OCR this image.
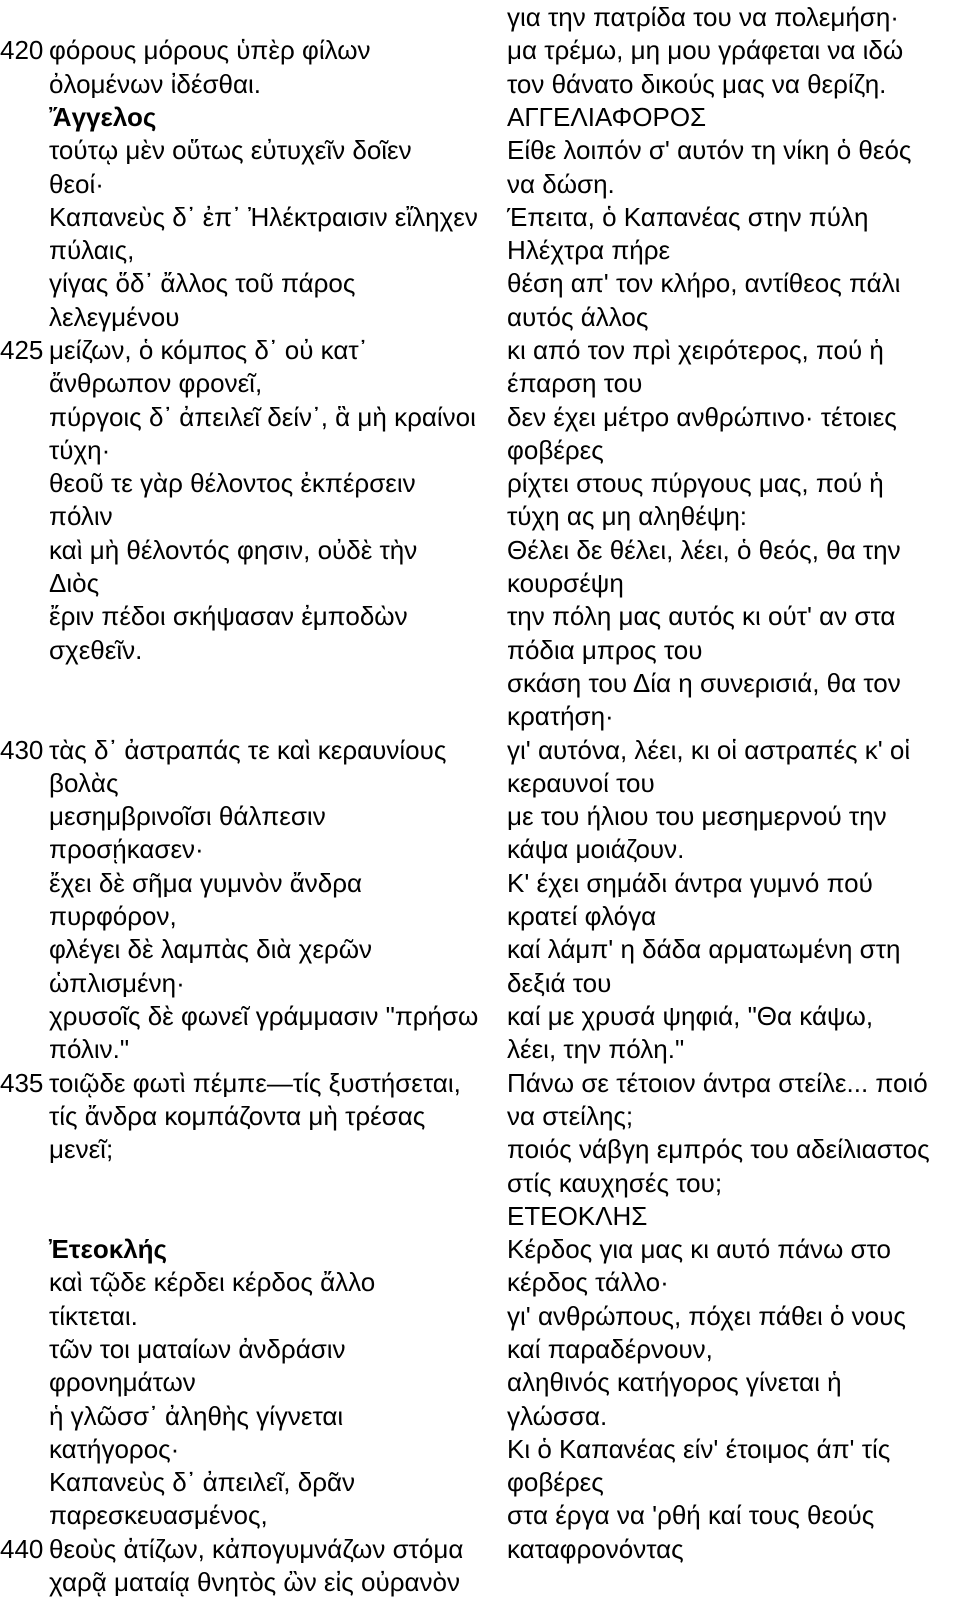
420
425
430
435
440
φόρους μόρους ὑπὲρ φίλων
ὀλομένων ἰδέσθαι.
Ἄγγελος
τούτῳ μὲν οὕτως εὐτυχεῖν δοῖεν
θεοί·
Καπανεὺς δ᾽ ἐπ᾽ Ἠλέκτραισιν εἴληχεν
πύλαις,
γίγας ὅδ᾽ ἄλλος τοῦ πάρος
λελεγμένου
μείζων, ὁ κόμπος δ᾽ οὐ κατ᾽
ἄνθρωπον φρονεῖ,
πύργοις δ᾽ ἀπειλεῖ δείν᾽, ἃ μὴ κραίνοι
τύχη·
θεοῦ τε γὰρ θέλοντος ἐκπέρσειν
πόλιν
καὶ μὴ θέλοντός φησιν, οὐδὲ τὴν
Διὸς
ἔριν πέδοι σκήψασαν ἐμποδὼν
σχεθεῖν.
τὰς δ᾽ ἀστραπάς τε καὶ κεραυνίους
βολὰς
μεσημβρινοῖσι θάλπεσιν
προσῄκασεν·
ἔχει δὲ σῆμα γυμνὸν ἄνδρα
πυρφόρον,
φλέγει δὲ λαμπὰς διὰ χερῶν
ὡπλισμένη·
χρυσοῖς δὲ φωνεῖ γράμμασιν "πρήσω
πόλιν."
τοιῷδε φωτὶ πέμπε—τίς ξυστήσεται,
τίς ἄνδρα κομπάζοντα μὴ τρέσας
μενεῖ;
Ἐτεοκλής
καὶ τῷδε κέρδει κέρδος ἄλλο
τίκτεται.
τῶν τοι ματαίων ἀνδράσιν
φρονημάτων
ἡ γλῶσσ᾽ ἀληθὴς γίγνεται
κατήγορος·
Καπανεὺς δ᾽ ἀπειλεῖ, δρᾶν
παρεσκευασμένος,
θεοὺς ἀτίζων, κἀπογυμνάζων στόμα
χαρᾷ ματαίᾳ θνητὸς ὢν εἰς οὐρανὸν
για την πατρίδα του να πολεμήση·
μα τρέμω, μη μου γράφεται να ιδώ
τον θάνατο δικούς μας να θερίζη.
ΑΓΓΕΛΙΑΦΟΡΟΣ
Είθε λοιπόν σ' αυτόν τη νίκη ὁ θεός
να δώση.
Έπειτα, ὁ Καπανέας στην πύλη
Ηλέχτρα πήρε
θέση απ' τον κλήρο, αντίθεος πάλι
αυτός άλλος
κι από τον πρὶ χειρότερος, πού ἡ
έπαρση του
δεν έχει μέτρο ανθρώπινο· τέτοιες
φοβέρες
ρίχτει στους πύργους μας, πού ἡ
τύχη ας μη αληθέψη:
Θέλει δε θέλει, λέει, ὁ θεός, θα την
κουρσέψη
την πόλη μας αυτός κι ούτ' αν στα
πόδια μπρος του
σκάση του Δία η συνερισιά, θα τον
κρατήση·
γι' αυτόνα, λέει, κι οἱ αστραπές κ' οἱ
κεραυνοί του
με του ήλιου του μεσημερνού την
κάψα μοιάζουν.
Κ' έχει σημάδι άντρα γυμνό πού
κρατεί φλόγα
καί λάμπ' η δάδα αρματωμένη στη
δεξιά του
καί με χρυσά ψηφιά, "Θα κάψω,
λέει, την πόλη."
Πάνω σε τέτοιον άντρα στείλε... ποιό
να στείλης;
ποιός νάβγη εμπρός του αδείλιαστος
στίς καυχησές του;
ΕΤΕΟΚΛΗΣ
Κέρδος για μας κι αυτό πάνω στο
κέρδος τάλλο·
γι' ανθρώπους, πόχει πάθει ὁ νους
καί παραδέρνουν,
αληθινός κατήγορος γίνεται ἡ
γλώσσα.
Κι ὁ Καπανέας είν' έτοιμος άπ' τίς
φοβέρες
στα έργα να 'ρθή καί τους θεούς
καταφρονόντας
